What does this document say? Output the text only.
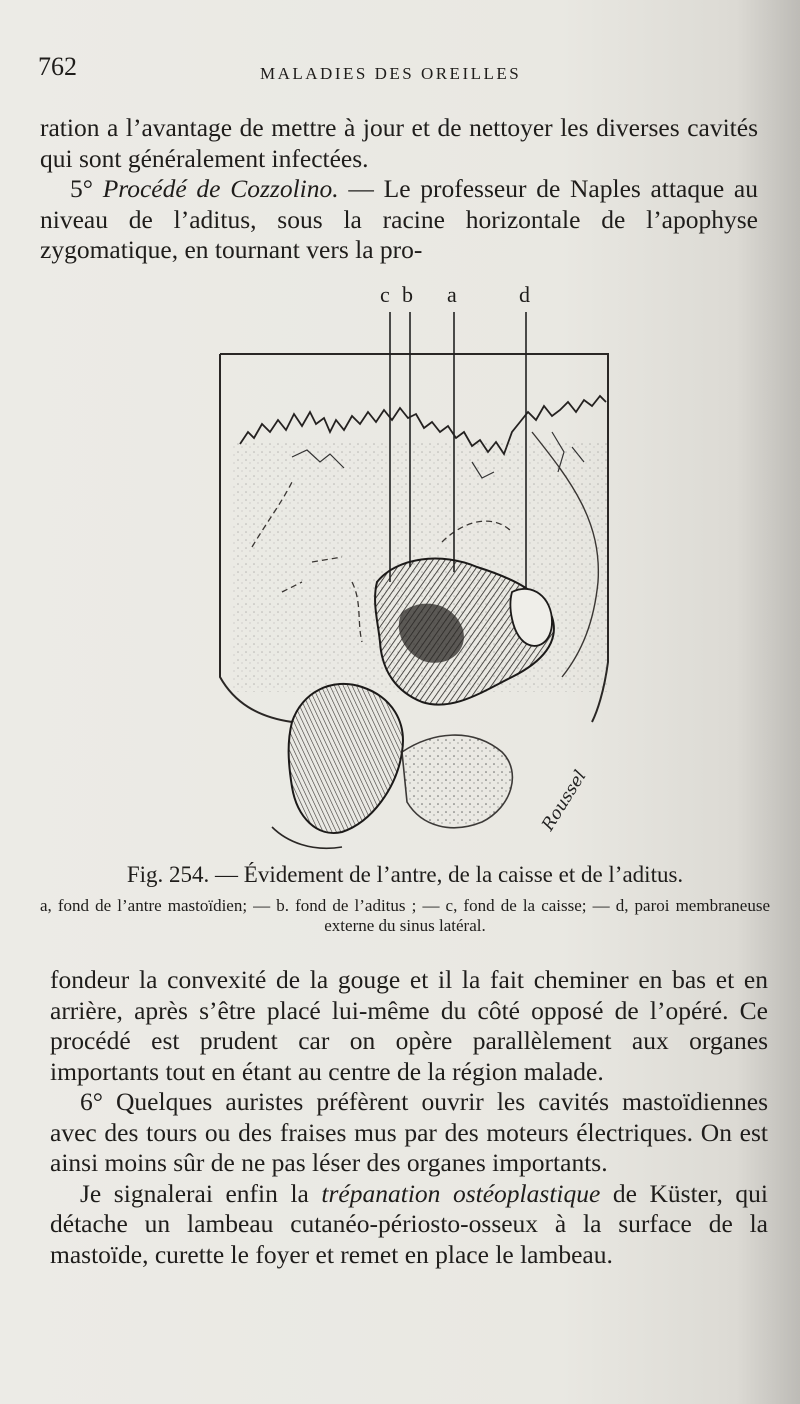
762	MALADIES DES OREILLES

ration a l’avantage de mettre à jour et de nettoyer les diverses cavités qui sont généralement infectées.

5° Procédé de Cozzolino. — Le professeur de Naples attaque au niveau de l’aditus, sous la racine horizontale de l’apophyse zygomatique, en tournant vers la pro-

c b a	d
Roussel

Fig. 254. — Évidement de l’antre, de la caisse et de l’aditus.

a, fond de l’antre mastoïdien; — b. fond de l’aditus ; — c, fond de la caisse; — d, paroi membraneuse externe du sinus latéral.

fondeur la convexité de la gouge et il la fait cheminer en bas et en arrière, après s’être placé lui-même du côté opposé de l’opéré. Ce procédé est prudent car on opère parallèlement aux organes importants tout en étant au centre de la région malade.

6° Quelques auristes préfèrent ouvrir les cavités mastoïdiennes avec des tours ou des fraises mus par des moteurs électriques. On est ainsi moins sûr de ne pas léser des organes importants.

Je signalerai enfin la trépanation ostéoplastique de Küster, qui détache un lambeau cutanéo-périosto-osseux à la surface de la mastoïde, curette le foyer et remet en place le lambeau.
